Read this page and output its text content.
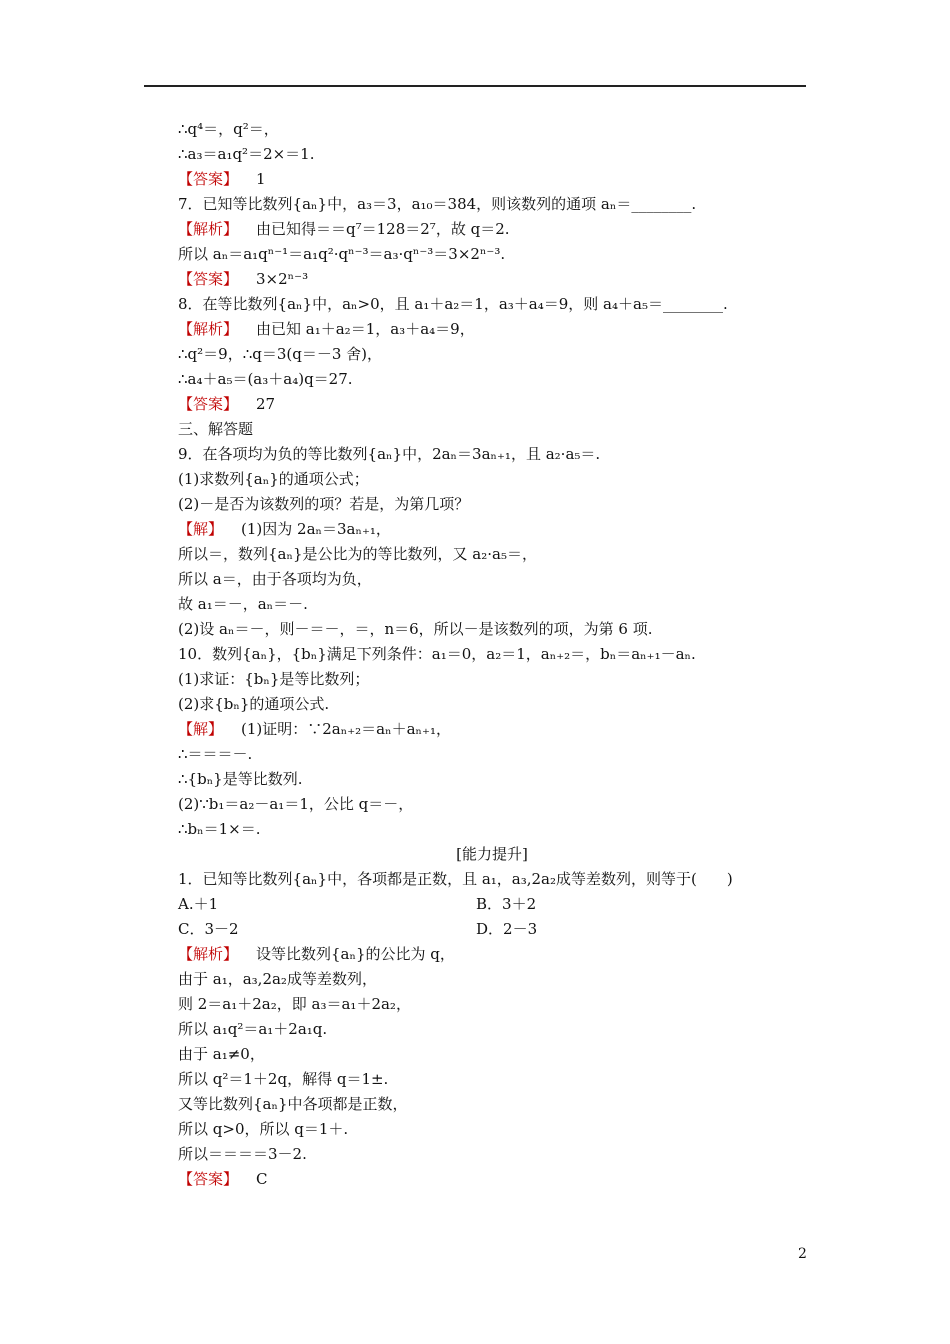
∴q⁴＝，q²＝，
∴a₃＝a₁q²＝2×＝1.
【答案】 1
7．已知等比数列{aₙ}中，a₃＝3，a₁₀＝384，则该数列的通项 aₙ＝________.
【解析】 由已知得＝＝q⁷＝128＝2⁷，故 q＝2.
所以 aₙ＝a₁qⁿ⁻¹＝a₁q²·qⁿ⁻³＝a₃·qⁿ⁻³＝3×2ⁿ⁻³.
【答案】 3×2ⁿ⁻³
8．在等比数列{aₙ}中，aₙ>0，且 a₁＋a₂＝1，a₃＋a₄＝9，则 a₄＋a₅＝________.
【解析】 由已知 a₁＋a₂＝1，a₃＋a₄＝9，
∴q²＝9，∴q＝3(q＝－3 舍)，
∴a₄＋a₅＝(a₃＋a₄)q＝27.
【答案】 27
三、解答题
9．在各项均为负的等比数列{aₙ}中，2aₙ＝3aₙ₊₁，且 a₂·a₅＝.
(1)求数列{aₙ}的通项公式；
(2)－是否为该数列的项？若是，为第几项？
【解】 (1)因为 2aₙ＝3aₙ₊₁，
所以＝，数列{aₙ}是公比为的等比数列，又 a₂·a₅＝，
所以 a＝，由于各项均为负，
故 a₁＝－，aₙ＝－.
(2)设 aₙ＝－，则－＝－，＝，n＝6，所以－是该数列的项，为第 6 项.
10．数列{aₙ}，{bₙ}满足下列条件：a₁＝0，a₂＝1，aₙ₊₂＝，bₙ＝aₙ₊₁－aₙ.
(1)求证：{bₙ}是等比数列；
(2)求{bₙ}的通项公式.
【解】 (1)证明：∵2aₙ₊₂＝aₙ＋aₙ₊₁，
∴＝＝＝－.
∴{bₙ}是等比数列.
(2)∵b₁＝a₂－a₁＝1，公比 q＝－，
∴bₙ＝1×＝.
[能力提升]
1．已知等比数列{aₙ}中，各项都是正数，且 a₁，a₃,2a₂成等差数列，则等于(　　)
A.＋1	B．3＋2
C．3－2	D．2－3
【解析】 设等比数列{aₙ}的公比为 q，
由于 a₁，a₃,2a₂成等差数列，
则 2＝a₁＋2a₂，即 a₃＝a₁＋2a₂，
所以 a₁q²＝a₁＋2a₁q.
由于 a₁≠0，
所以 q²＝1＋2q，解得 q＝1±.
又等比数列{aₙ}中各项都是正数，
所以 q>0，所以 q＝1＋.
所以＝＝＝＝3－2.
【答案】 C
2
